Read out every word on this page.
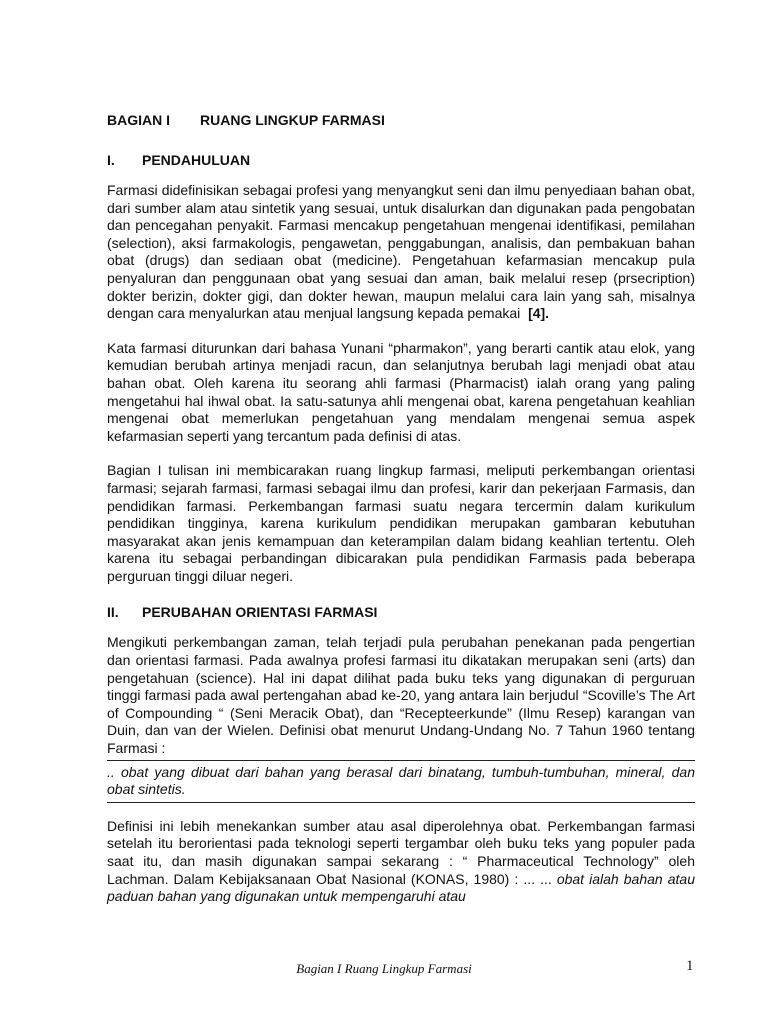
BAGIAN I RUANG LINGKUP FARMASI
I. PENDAHULUAN

Farmasi didefinisikan sebagai profesi yang menyangkut seni dan ilmu penyediaan bahan obat, dari sumber alam atau sintetik yang sesuai, untuk disalurkan dan digunakan pada pengobatan dan pencegahan penyakit. Farmasi mencakup pengetahuan mengenai identifikasi, pemilahan (selection), aksi farmakologis, pengawetan, penggabungan, analisis, dan pembakuan bahan obat (drugs) dan sediaan obat (medicine). Pengetahuan kefarmasian mencakup pula penyaluran dan penggunaan obat yang sesuai dan aman, baik melalui resep (prsecription) dokter berizin, dokter gigi, dan dokter hewan, maupun melalui cara lain yang sah, misalnya dengan cara menyalurkan atau menjual langsung kepada pemakai [4].

Kata farmasi diturunkan dari bahasa Yunani “pharmakon”, yang berarti cantik atau elok, yang kemudian berubah artinya menjadi racun, dan selanjutnya berubah lagi menjadi obat atau bahan obat. Oleh karena itu seorang ahli farmasi (Pharmacist) ialah orang yang paling mengetahui hal ihwal obat. Ia satu-satunya ahli mengenai obat, karena pengetahuan keahlian mengenai obat memerlukan pengetahuan yang mendalam mengenai semua aspek kefarmasian seperti yang tercantum pada definisi di atas.

Bagian I tulisan ini membicarakan ruang lingkup farmasi, meliputi perkembangan orientasi farmasi; sejarah farmasi, farmasi sebagai ilmu dan profesi, karir dan pekerjaan Farmasis, dan pendidikan farmasi. Perkembangan farmasi suatu negara tercermin dalam kurikulum pendidikan tingginya, karena kurikulum pendidikan merupakan gambaran kebutuhan masyarakat akan jenis kemampuan dan keterampilan dalam bidang keahlian tertentu. Oleh karena itu sebagai perbandingan dibicarakan pula pendidikan Farmasis pada beberapa perguruan tinggi diluar negeri.

II. PERUBAHAN ORIENTASI FARMASI

Mengikuti perkembangan zaman, telah terjadi pula perubahan penekanan pada pengertian dan orientasi farmasi. Pada awalnya profesi farmasi itu dikatakan merupakan seni (arts) dan pengetahuan (science). Hal ini dapat dilihat pada buku teks yang digunakan di perguruan tinggi farmasi pada awal pertengahan abad ke-20, yang antara lain berjudul “Scoville’s The Art of Compounding “ (Seni Meracik Obat), dan “Recepteerkunde” (Ilmu Resep) karangan van Duin, dan van der Wielen. Definisi obat menurut Undang-Undang No. 7 Tahun 1960 tentang Farmasi :

.. obat yang dibuat dari bahan yang berasal dari binatang, tumbuh-tumbuhan, mineral, dan obat sintetis.

Definisi ini lebih menekankan sumber atau asal diperolehnya obat. Perkembangan farmasi setelah itu berorientasi pada teknologi seperti tergambar oleh buku teks yang populer pada saat itu, dan masih digunakan sampai sekarang : “ Pharmaceutical Technology” oleh Lachman. Dalam Kebijaksanaan Obat Nasional (KONAS, 1980) : ... ... obat ialah bahan atau paduan bahan yang digunakan untuk mempengaruhi atau

Bagian I Ruang Lingkup Farmasi	1
